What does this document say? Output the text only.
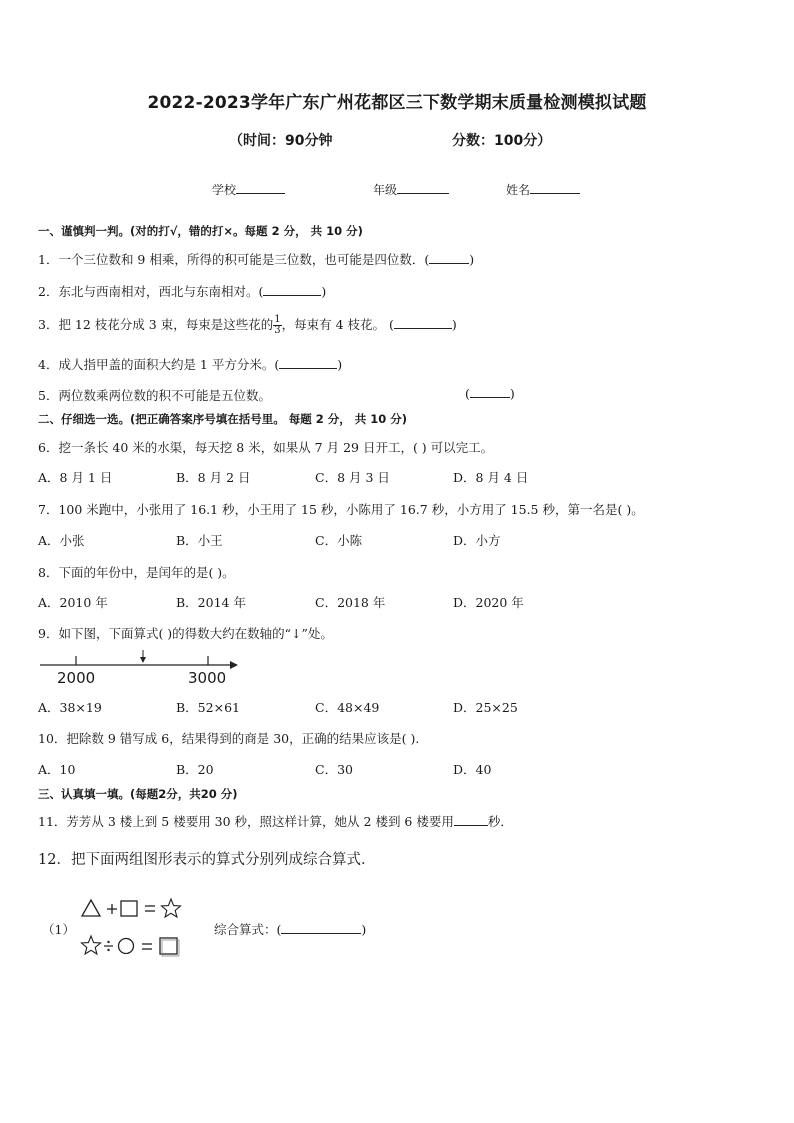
2022-2023学年广东广州花都区三下数学期末质量检测模拟试题
（时间：90分钟	分数：100分）
学校	年级	姓名
一、谨慎判一判。(对的打√，错的打×。每题 2 分， 共 10 分)
1．一个三位数和 9 相乘，所得的积可能是三位数，也可能是四位数．(	)
2．东北与西南相对，西北与东南相对。(	)
3．把 12 枝花分成 3 束，每束是这些花的 $\frac{1}{3}$ ，每束有 4 枝花。 (	)
4．成人指甲盖的面积大约是 1 平方分米。(	)
5．两位数乘两位数的积不可能是五位数。	(	)
二、仔细选一选。(把正确答案序号填在括号里。 每题 2 分， 共 10 分)
6．挖一条长 40 米的水渠，每天挖 8 米，如果从 7 月 29 日开工，( ) 可以完工。
A．8 月 1 日	B．8 月 2 日	C．8 月 3 日	D．8 月 4 日
7．100 米跑中，小张用了 16.1 秒，小王用了 15 秒，小陈用了 16.7 秒，小方用了 15.5 秒，第一名是( )。
A．小张	B．小王	C．小陈	D．小方
8．下面的年份中，是闰年的是( )。
A．2010 年	B．2014 年	C．2018 年	D．2020 年
9．如下图，下面算式( )的得数大约在数轴的“↓”处。
2000	3000
A．38×19	B．52×61	C．48×49	D．25×25
10．把除数 9 错写成 6，结果得到的商是 30，正确的结果应该是( ).
A．10	B．20	C．30	D．40
三、认真填一填。(每题2分，共20 分)
11．芳芳从 3 楼上到 5 楼要用 30 秒，照这样计算，她从 2 楼到 6 楼要用	秒．
12．把下面两组图形表示的算式分别列成综合算式．
（1）	综合算式：(	)
